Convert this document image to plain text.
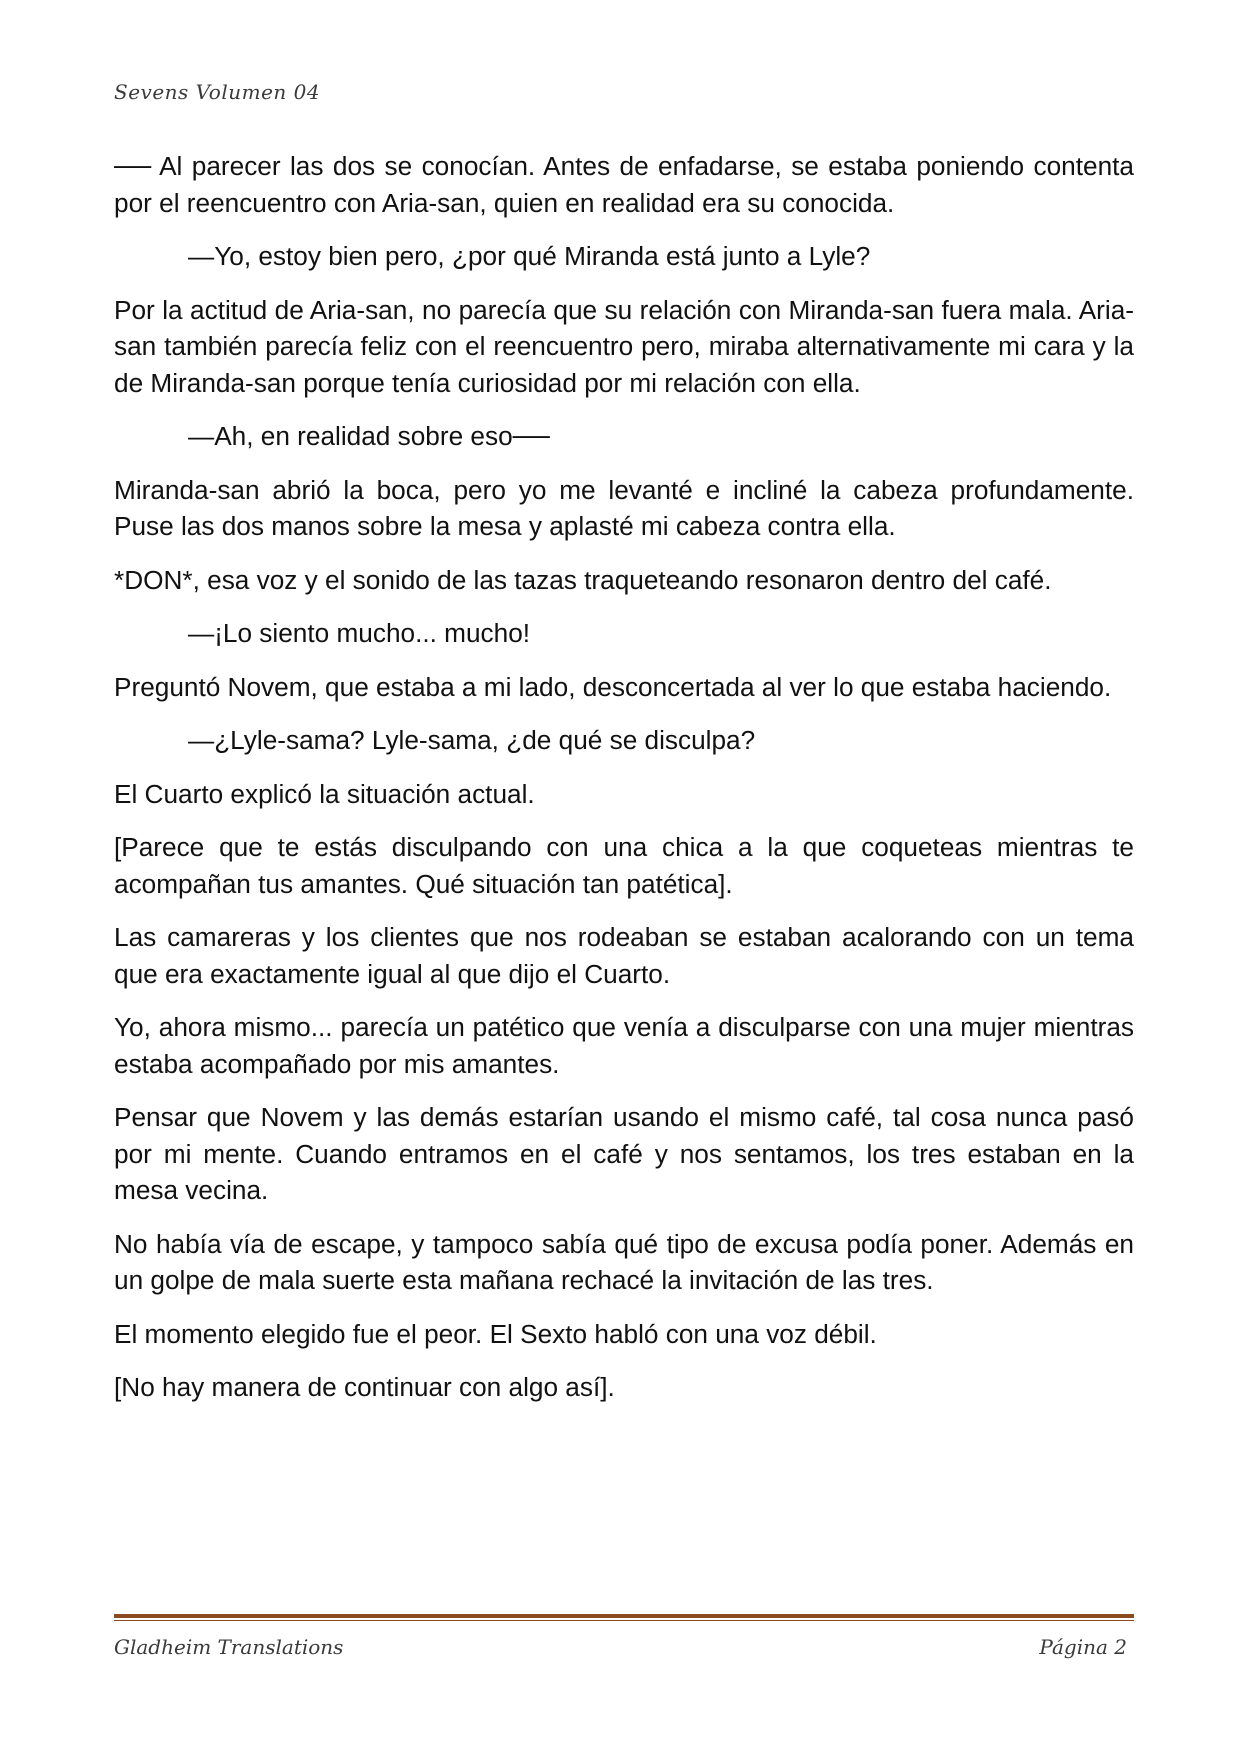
Sevens Volumen 04

── Al parecer las dos se conocían. Antes de enfadarse, se estaba poniendo contenta por el reencuentro con Aria-san, quien en realidad era su conocida.

—Yo, estoy bien pero, ¿por qué Miranda está junto a Lyle?

Por la actitud de Aria-san, no parecía que su relación con Miranda-san fuera mala. Aria-san también parecía feliz con el reencuentro pero, miraba alternativamente mi cara y la de Miranda-san porque tenía curiosidad por mi relación con ella.

—Ah, en realidad sobre eso──

Miranda-san abrió la boca, pero yo me levanté e incliné la cabeza profundamente. Puse las dos manos sobre la mesa y aplasté mi cabeza contra ella.

*DON*, esa voz y el sonido de las tazas traqueteando resonaron dentro del café.

—¡Lo siento mucho... mucho!

Preguntó Novem, que estaba a mi lado, desconcertada al ver lo que estaba haciendo.

—¿Lyle-sama? Lyle-sama, ¿de qué se disculpa?

El Cuarto explicó la situación actual.

[Parece que te estás disculpando con una chica a la que coqueteas mientras te acompañan tus amantes. Qué situación tan patética].

Las camareras y los clientes que nos rodeaban se estaban acalorando con un tema que era exactamente igual al que dijo el Cuarto.

Yo, ahora mismo... parecía un patético que venía a disculparse con una mujer mientras estaba acompañado por mis amantes.

Pensar que Novem y las demás estarían usando el mismo café, tal cosa nunca pasó por mi mente. Cuando entramos en el café y nos sentamos, los tres estaban en la mesa vecina.

No había vía de escape, y tampoco sabía qué tipo de excusa podía poner. Además en un golpe de mala suerte esta mañana rechacé la invitación de las tres.

El momento elegido fue el peor. El Sexto habló con una voz débil.

[No hay manera de continuar con algo así].

Gladheim Translations	Página 2
